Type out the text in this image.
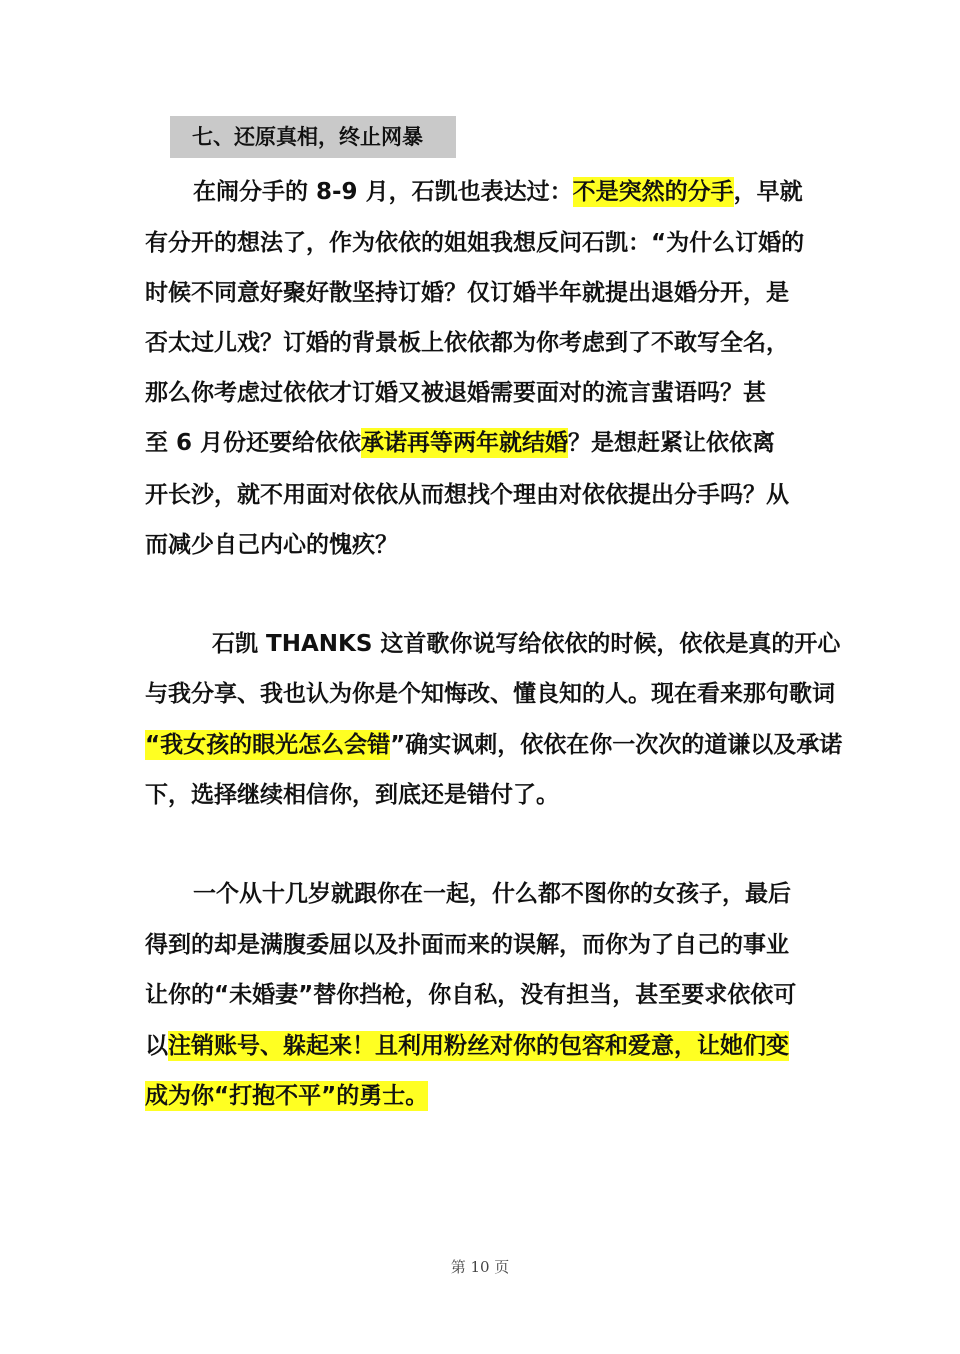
七、还原真相，终止网暴
在闹分手的 8-9 月，石凯也表达过：不是突然的分手，早就
有分开的想法了，作为依依的姐姐我想反问石凯：“为什么订婚的
时候不同意好聚好散坚持订婚？仅订婚半年就提出退婚分开，是
否太过儿戏？订婚的背景板上依依都为你考虑到了不敢写全名，
那么你考虑过依依才订婚又被退婚需要面对的流言蜚语吗？甚
至 6 月份还要给依依承诺再等两年就结婚？是想赶紧让依依离
开长沙，就不用面对依依从而想找个理由对依依提出分手吗？从
而减少自己内心的愧疚？
石凯 THANKS 这首歌你说写给依依的时候，依依是真的开心
与我分享、我也认为你是个知悔改、懂良知的人。现在看来那句歌词
“我女孩的眼光怎么会错”确实讽刺，依依在你一次次的道谦以及承诺
下，选择继续相信你，到底还是错付了。
一个从十几岁就跟你在一起，什么都不图你的女孩子，最后
得到的却是满腹委屈以及扑面而来的误解，而你为了自己的事业
让你的“未婚妻”替你挡枪，你自私，没有担当，甚至要求依依可
以注销账号、躲起来！且利用粉丝对你的包容和爱意，让她们变
成为你“打抱不平”的勇士。
第 10 页
